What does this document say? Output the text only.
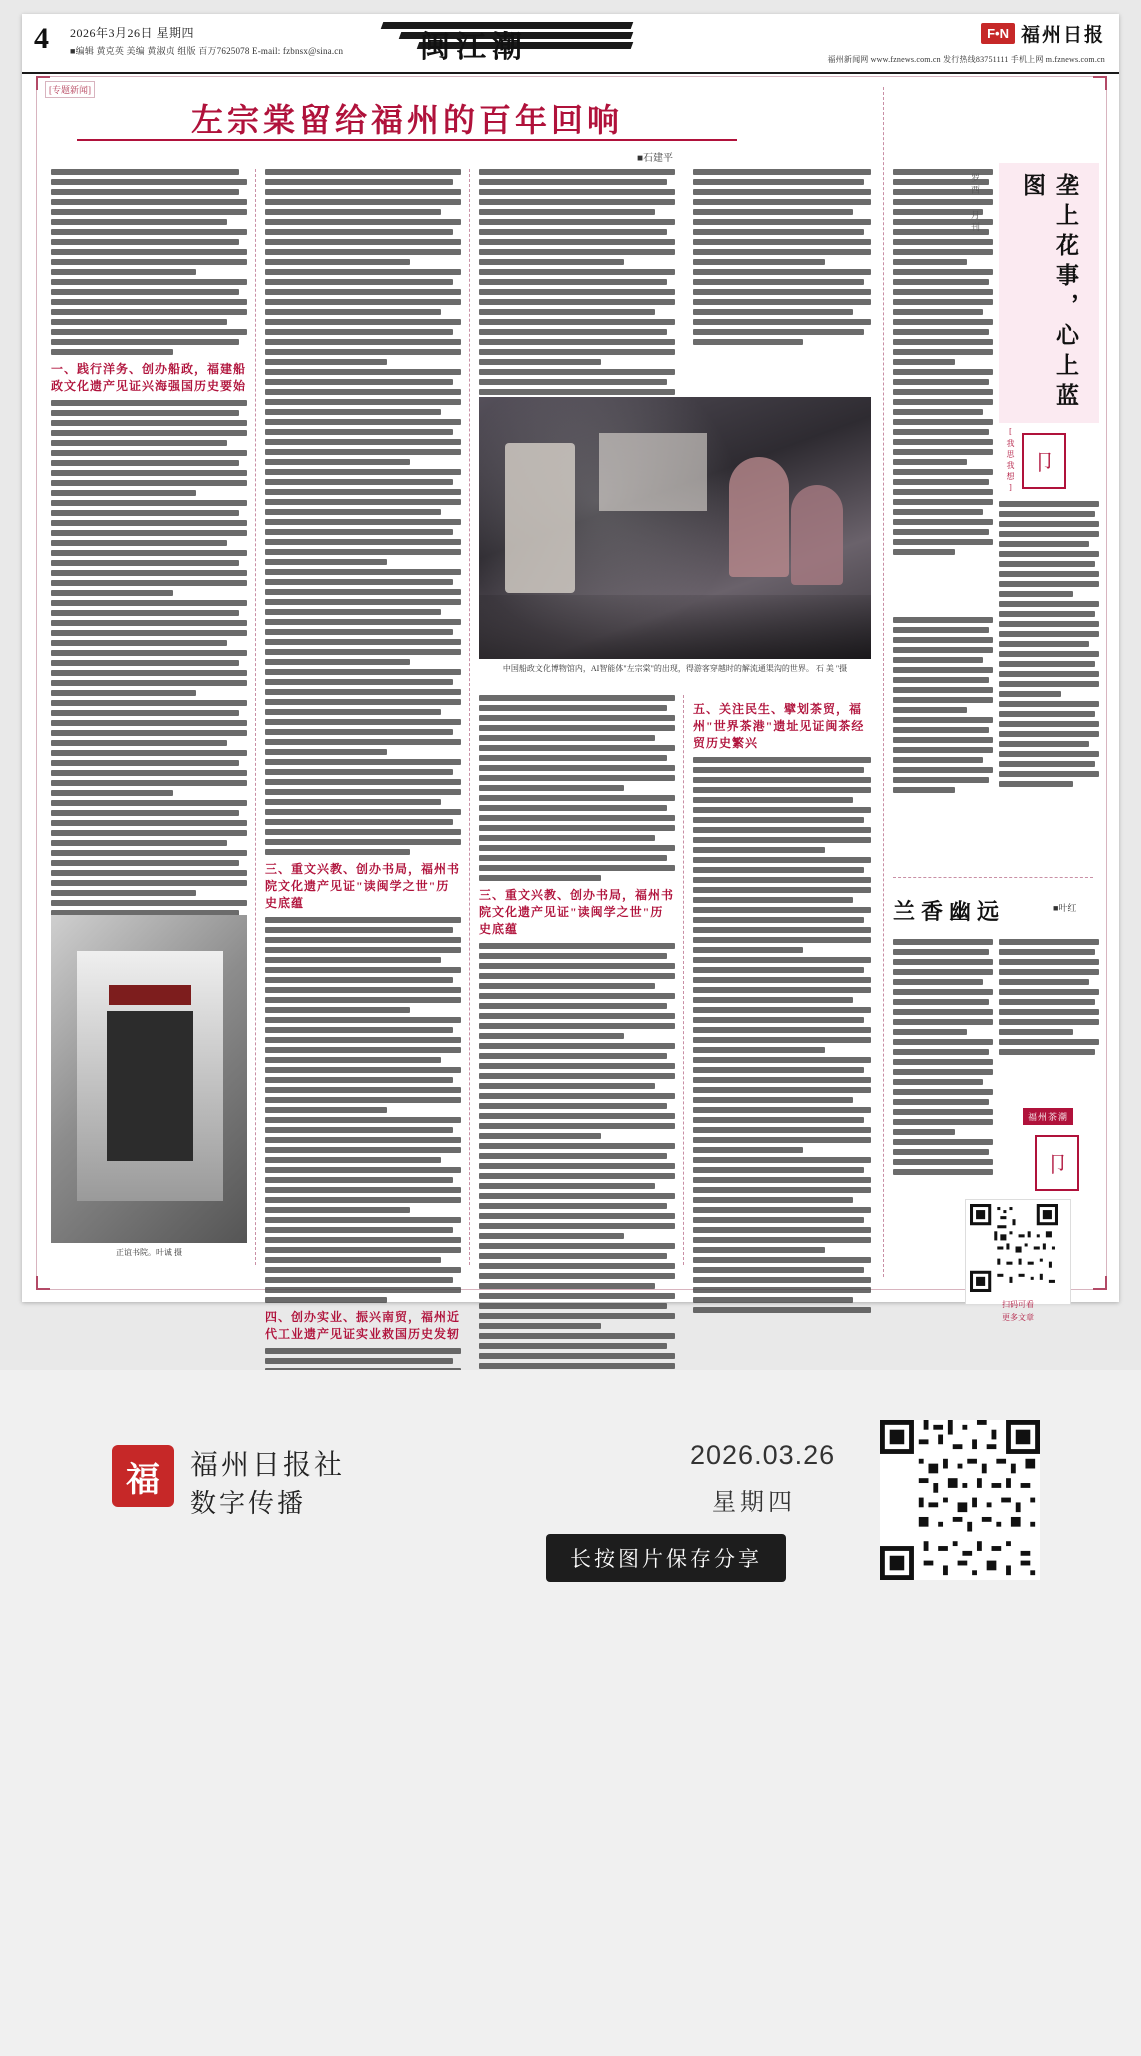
4 2026年3月26日 星期四
■编辑 黄克英 美编 黄淑贞 组版 百万7625078 E-mail: fzbnsx@sina.cn	闽江潮	F•N 福州日报
福州新闻网 www.fznews.com.cn 发行热线83751111 手机上网 m.fznews.com.cn
[专题新闻]
左宗棠留给福州的百年回响
■石建平
一、践行洋务、创办船政，福建船政文化遗产见证兴海强国历史要始
正谊书院。叶诚 摄
三、重文兴教、创办书局，福州书院文化遗产见证"读闽学之世"历史底蕴
四、创办实业、振兴南贸，福州近代工业遗产见证实业救国历史发轫
中国船政文化博物馆内，AI智能体"左宗棠"的出现，得游客穿越时的解流通渠沟的世界。 石 美 "摄
三、重文兴教、创办书局，福州书院文化遗产见证"读闽学之世"历史底蕴
五、关注民生、擘划茶贸，福州"世界茶港"遗址见证闽茶经贸历史繁兴
垄上花事，心上蓝图
罗西 月刊
[我思我想] 卩
兰香幽远	■叶红
福州茶潮
卩
扫码可看
更多文章
福 福州日报社
数字传播
2026.03.26
星期四
长按图片保存分享
